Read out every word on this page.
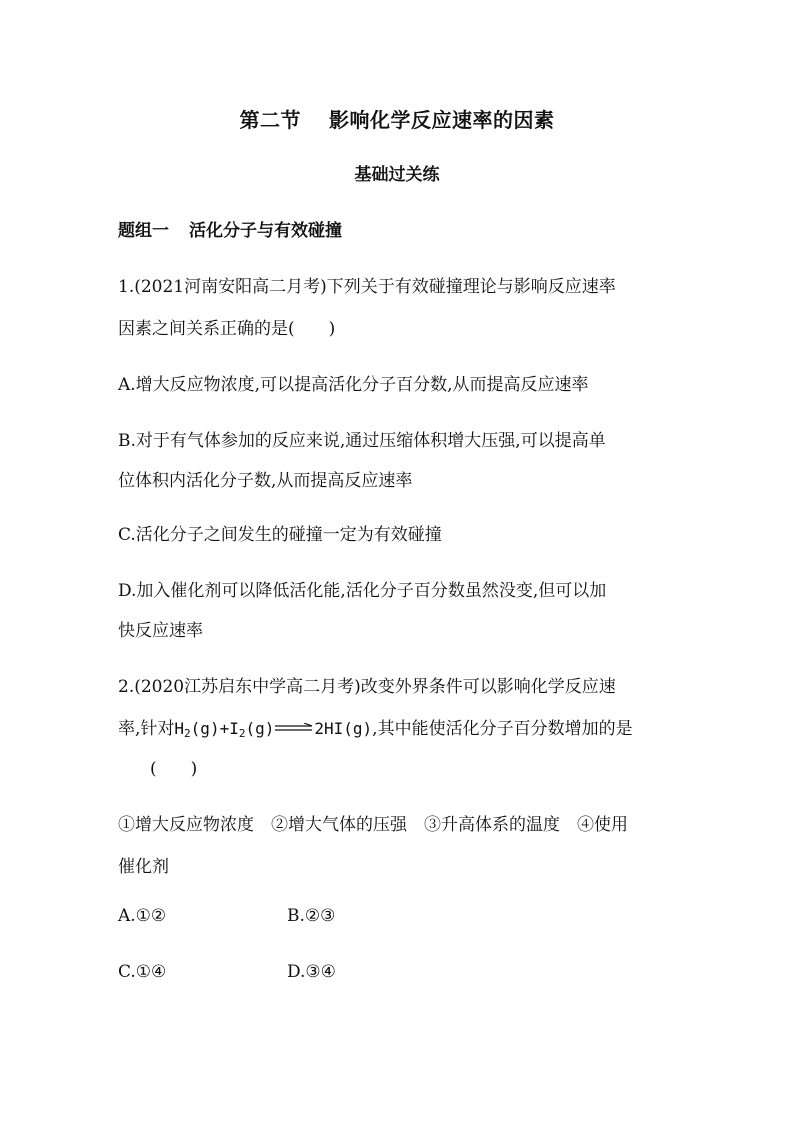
第二节 影响化学反应速率的因素
基础过关练
题组一 活化分子与有效碰撞
1.(2021河南安阳高二月考)下列关于有效碰撞理论与影响反应速率
因素之间关系正确的是(　　)
A.增大反应物浓度,可以提高活化分子百分数,从而提高反应速率
B.对于有气体参加的反应来说,通过压缩体积增大压强,可以提高单
位体积内活化分子数,从而提高反应速率
C.活化分子之间发生的碰撞一定为有效碰撞
D.加入催化剂可以降低活化能,活化分子百分数虽然没变,但可以加
快反应速率
2.(2020江苏启东中学高二月考)改变外界条件可以影响化学反应速
率,针对$H_2(g)+I_2(g)$	2HI(g),其中能使活化分子百分数增加的是
(　　)
①增大反应物浓度　②增大气体的压强　③升高体系的温度　④使用
催化剂
A.①②	B.②③
C.①④	D.③④
